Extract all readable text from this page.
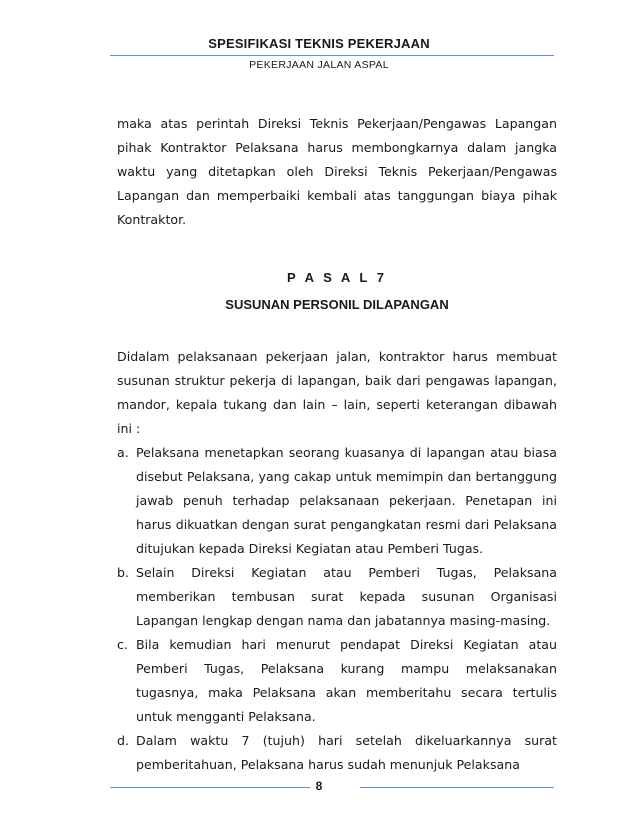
SPESIFIKASI TEKNIS PEKERJAAN
PEKERJAAN JALAN ASPAL

maka atas perintah Direksi Teknis Pekerjaan/Pengawas Lapangan pihak Kontraktor Pelaksana harus membongkarnya dalam jangka waktu yang ditetapkan oleh Direksi Teknis Pekerjaan/Pengawas Lapangan dan memperbaiki kembali atas tanggungan biaya pihak Kontraktor.

P A S A L 7
SUSUNAN PERSONIL DILAPANGAN

Didalam pelaksanaan pekerjaan jalan, kontraktor harus membuat susunan struktur pekerja di lapangan, baik dari pengawas lapangan, mandor, kepala tukang dan lain – lain, seperti keterangan dibawah ini :

a. Pelaksana menetapkan seorang kuasanya di lapangan atau biasa disebut Pelaksana, yang cakap untuk memimpin dan bertanggung jawab penuh terhadap pelaksanaan pekerjaan. Penetapan ini harus dikuatkan dengan surat pengangkatan resmi dari Pelaksana ditujukan kepada Direksi Kegiatan atau Pemberi Tugas.
b. Selain Direksi Kegiatan atau Pemberi Tugas, Pelaksana memberikan tembusan surat kepada susunan Organisasi Lapangan lengkap dengan nama dan jabatannya masing-masing.
c. Bila kemudian hari menurut pendapat Direksi Kegiatan atau Pemberi Tugas, Pelaksana kurang mampu melaksanakan tugasnya, maka Pelaksana akan memberitahu secara tertulis untuk mengganti Pelaksana.
d. Dalam waktu 7 (tujuh) hari setelah dikeluarkannya surat pemberitahuan, Pelaksana harus sudah menunjuk Pelaksana
8
